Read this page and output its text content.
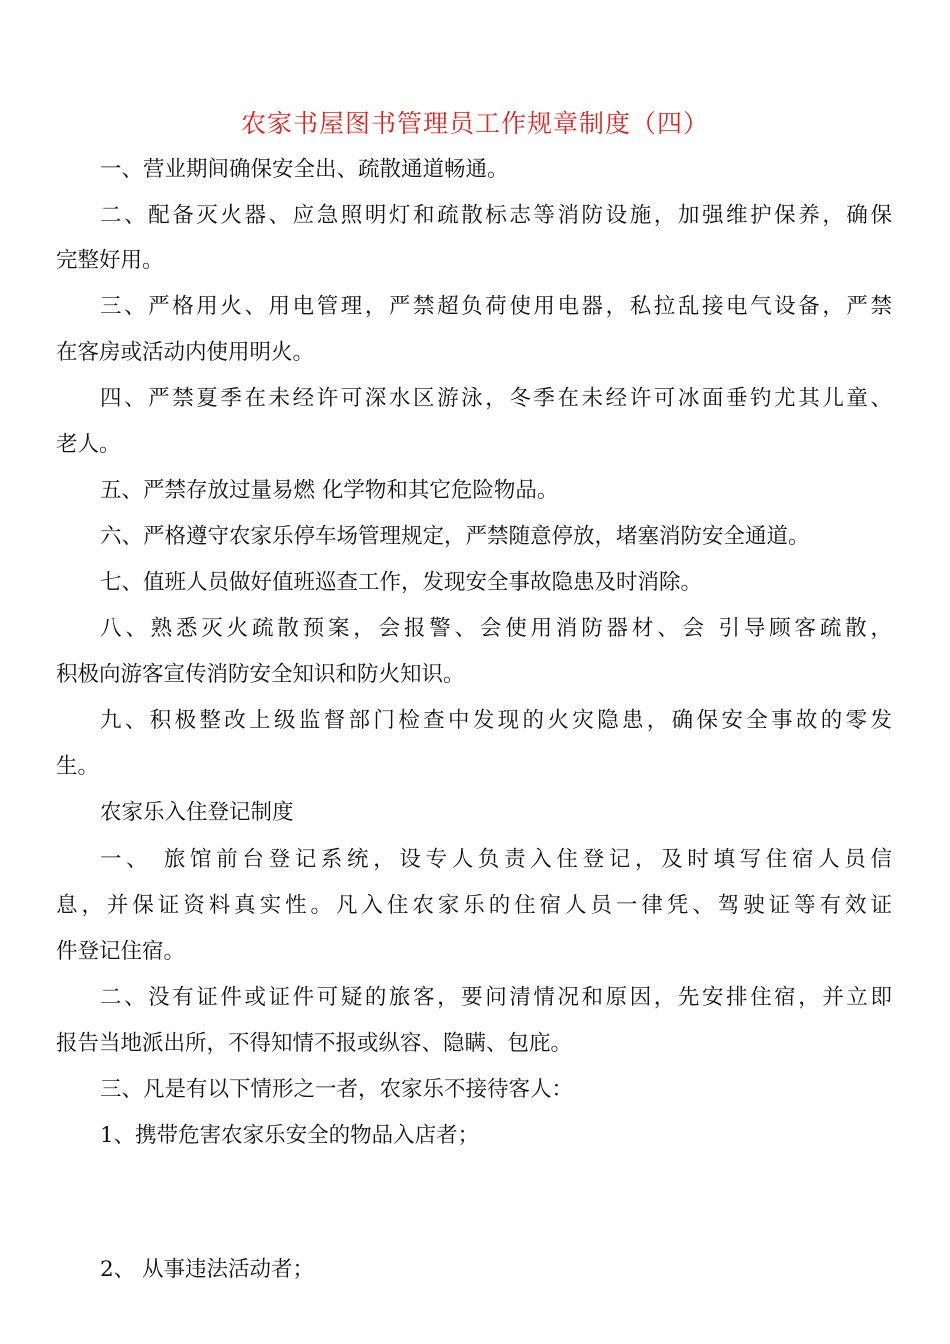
农家书屋图书管理员工作规章制度（四）
一、营业期间确保安全出、疏散通道畅通。
二、配备灭火器、应急照明灯和疏散标志等消防设施，加强维护保养，确保
完整好用。
三、严格用火、用电管理，严禁超负荷使用电器，私拉乱接电气设备，严禁
在客房或活动内使用明火。
四、严禁夏季在未经许可深水区游泳，冬季在未经许可冰面垂钓尤其儿童、
老人。
五、严禁存放过量易燃 化学物和其它危险物品。
六、严格遵守农家乐停车场管理规定，严禁随意停放，堵塞消防安全通道。
七、值班人员做好值班巡查工作，发现安全事故隐患及时消除。
八、熟悉灭火疏散预案，会报警、会使用消防器材、会 引导顾客疏散，
积极向游客宣传消防安全知识和防火知识。
九、积极整改上级监督部门检查中发现的火灾隐患，确保安全事故的零发
生。
农家乐入住登记制度
一、 旅馆前台登记系统，设专人负责入住登记，及时填写住宿人员信
息，并保证资料真实性。凡入住农家乐的住宿人员一律凭、驾驶证等有效证
件登记住宿。
二、没有证件或证件可疑的旅客，要问清情况和原因，先安排住宿，并立即
报告当地派出所，不得知情不报或纵容、隐瞒、包庇。
三、凡是有以下情形之一者，农家乐不接待客人：
1、携带危害农家乐安全的物品入店者；
2、 从事违法活动者；
